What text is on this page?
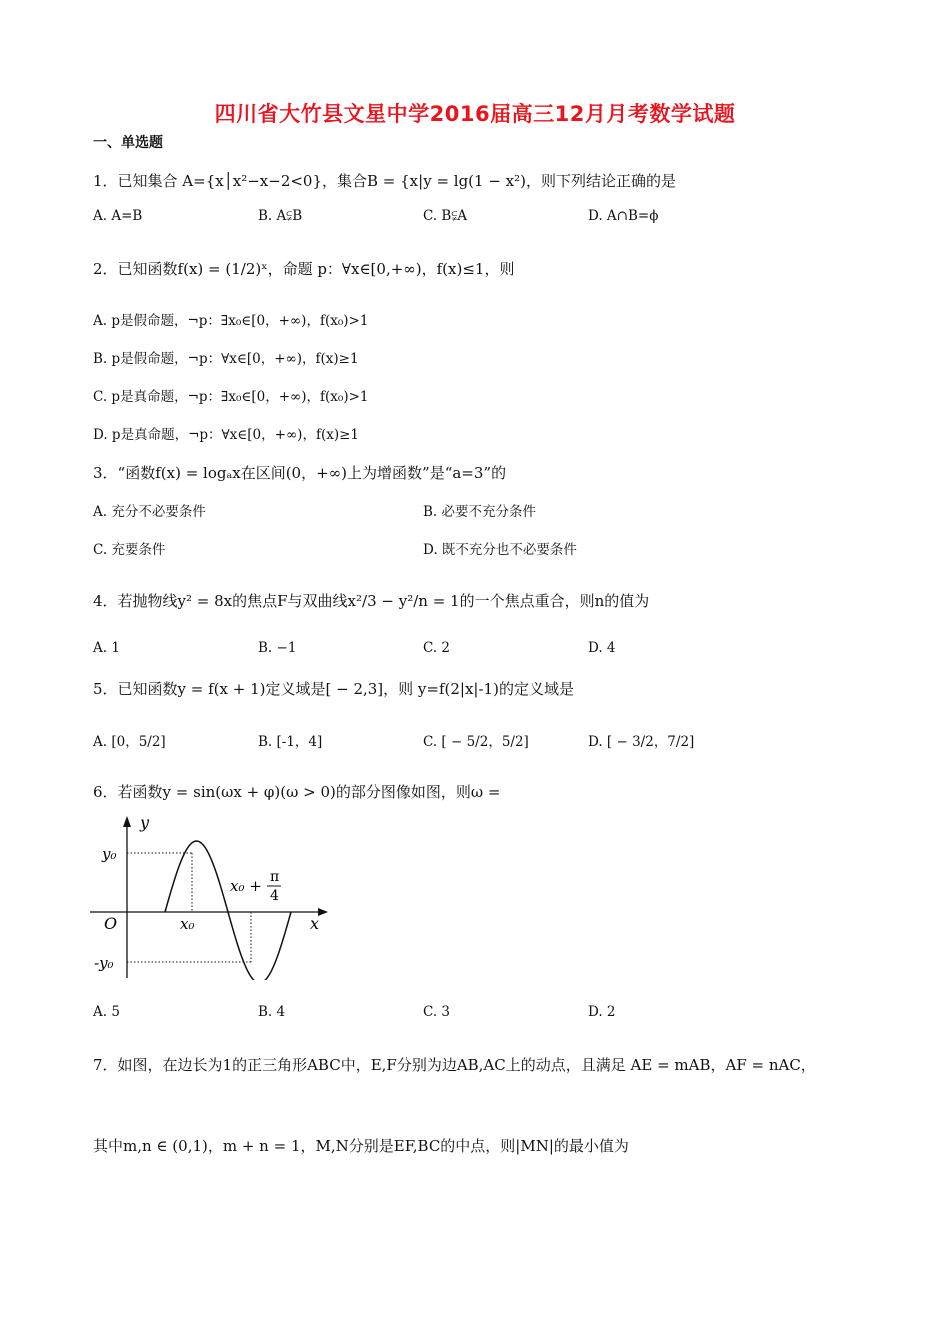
四川省大竹县文星中学2016届高三12月月考数学试题
一、单选题
1．已知集合 A={x│x²−x−2<0}，集合B = {x|y = lg(1 − x²)，则下列结论正确的是
A. A=B	B. A⫋B	C. B⫋A	D. A∩B=ϕ
2．已知函数f(x) = (1/2)ˣ，命题 p：∀x∈[0,+∞)，f(x)≤1，则
A. p是假命题，¬p：∃x₀∈[0，+∞)，f(x₀)>1
B. p是假命题，¬p：∀x∈[0，+∞)，f(x)≥1
C. p是真命题，¬p：∃x₀∈[0，+∞)，f(x₀)>1
D. p是真命题，¬p：∀x∈[0，+∞)，f(x)≥1
3．“函数f(x) = logₐx在区间(0，+∞)上为增函数”是“a=3”的
A. 充分不必要条件	B. 必要不充分条件
C. 充要条件	D. 既不充分也不必要条件
4．若抛物线y² = 8x的焦点F与双曲线x²/3 − y²/n = 1的一个焦点重合，则n的值为
A. 1	B. −1	C. 2	D. 4
5．已知函数y = f(x + 1)定义域是[ − 2,3]，则 y=f(2|x|-1)的定义域是
A. [0，5/2]	B. [-1，4]	C. [ − 5/2，5/2]	D. [ − 3/2，7/2]
6．若函数y = sin(ωx + φ)(ω > 0)的部分图像如图，则ω =
y
x
O
y₀
-y₀
x₀
x₀ + π
4
A. 5	B. 4	C. 3	D. 2
7．如图，在边长为1的正三角形ABC中，E,F分别为边AB,AC上的动点，且满足 AE = mAB，AF = nAC，
其中m,n ∈ (0,1)，m + n = 1，M,N分别是EF,BC的中点，则|MN|的最小值为
